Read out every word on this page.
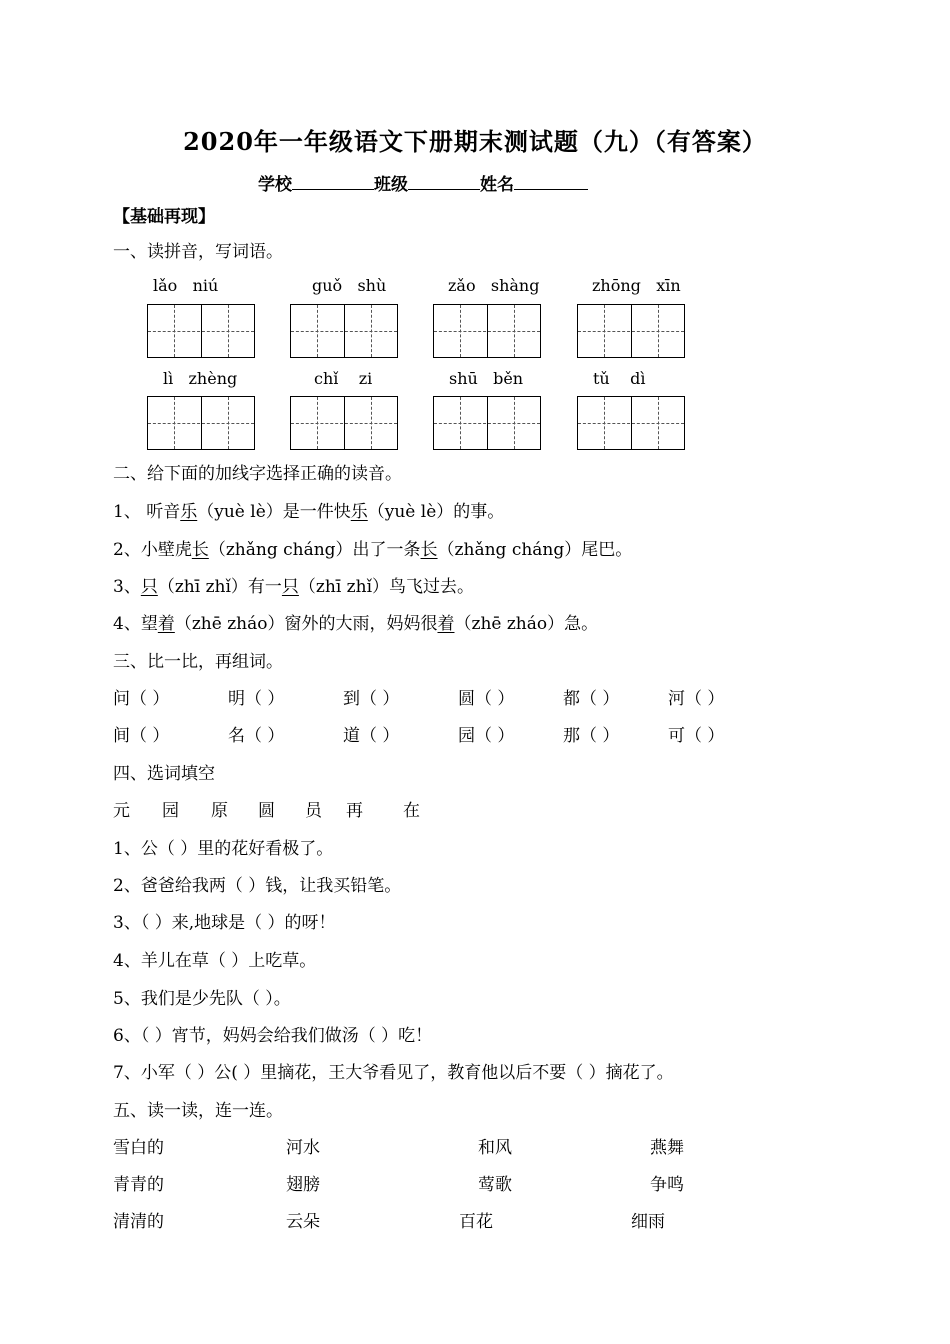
2020年一年级语文下册期末测试题（九）（有答案）
学校	班级	姓名
【基础再现】
一、读拼音，写词语。
lǎo niú	guǒ shù	zǎo shàng	zhōng xīn
lì zhèng	chǐ zi	shū běn	tǔ dì
二、给下面的加线字选择正确的读音。
1、 听音乐（yuè lè）是一件快乐（yuè lè）的事。
2、小壁虎长（zhǎng cháng）出了一条长（zhǎng cháng）尾巴。
3、只（zhī zhǐ）有一只（zhī zhǐ）鸟飞过去。
4、望着（zhē zháo）窗外的大雨，妈妈很着（zhē zháo）急。
三、比一比，再组词。
问（ ）	明（ ）	到（ ）	圆（ ）	都（ ）	河（ ）
间（ ）	名（ ）	道（ ）	园（ ）	那（ ）	可（ ）
四、选词填空
元 园 原 圆 员 再 在
1、公（ ）里的花好看极了。
2、爸爸给我两（ ）钱，让我买铅笔。
3、（ ）来,地球是（ ）的呀！
4、羊儿在草（ ）上吃草。
5、我们是少先队（ ）。
6、（ ）宵节，妈妈会给我们做汤（ ）吃！
7、小军（ ）公( ）里摘花，王大爷看见了，教育他以后不要（ ）摘花了。
五、读一读，连一连。
雪白的	河水	和风	燕舞
青青的	翅膀	莺歌	争鸣
清清的	云朵	百花	细雨
